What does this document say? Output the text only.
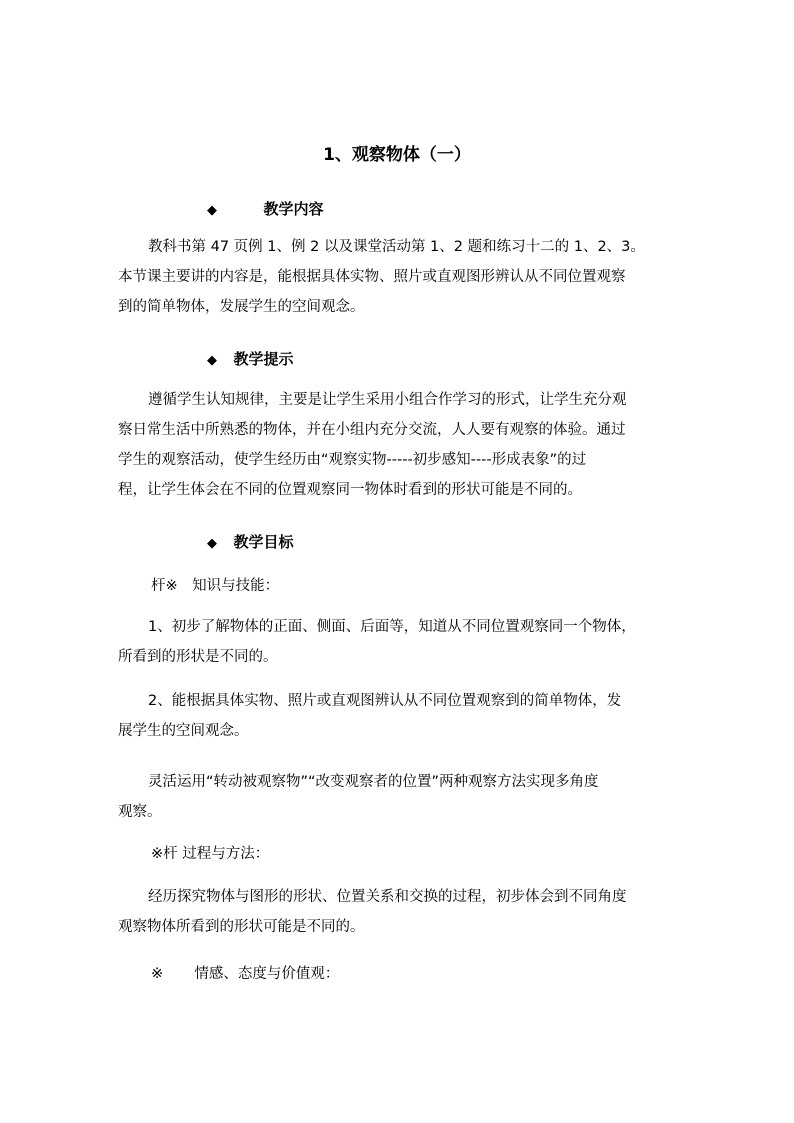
1、观察物体（一）
◆	教学内容
教科书第 47 页例 1、例 2 以及课堂活动第 1、2 题和练习十二的 1、2、3。
本节课主要讲的内容是，能根据具体实物、照片或直观图形辨认从不同位置观察
到的简单物体，发展学生的空间观念。
◆ 教学提示
遵循学生认知规律，主要是让学生采用小组合作学习的形式，让学生充分观
察日常生活中所熟悉的物体，并在小组内充分交流，人人要有观察的体验。通过
学生的观察活动，使学生经历由“观察实物-----初步感知----形成表象”的过
程，让学生体会在不同的位置观察同一物体时看到的形状可能是不同的。
◆ 教学目标
杆※　知识与技能：
1、初步了解物体的正面、侧面、后面等，知道从不同位置观察同一个物体，
所看到的形状是不同的。
2、能根据具体实物、照片或直观图辨认从不同位置观察到的简单物体，发
展学生的空间观念。
灵活运用“转动被观察物”“改变观察者的位置”两种观察方法实现多角度
观察。
※杆 过程与方法：
经历探究物体与图形的形状、位置关系和交换的过程，初步体会到不同角度
观察物体所看到的形状可能是不同的。
※ 情感、态度与价值观：
